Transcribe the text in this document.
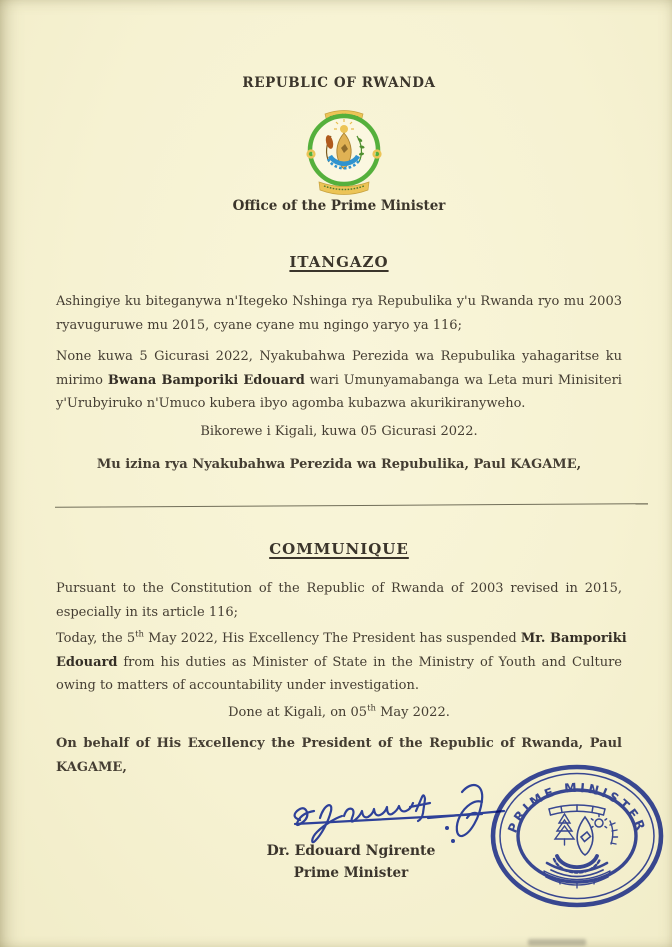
REPUBLIC OF RWANDA
Office of the Prime Minister
ITANGAZO
Ashingiye ku biteganywa n'Itegeko Nshinga rya Repubulika y'u Rwanda ryo mu 2003
ryavuguruwe mu 2015, cyane cyane mu ngingo yaryo ya 116;
None kuwa 5 Gicurasi 2022, Nyakubahwa Perezida wa Repubulika yahagaritse ku
mirimo Bwana Bamporiki Edouard wari Umunyamabanga wa Leta muri Minisiteri
y'Urubyiruko n'Umuco kubera ibyo agomba kubazwa akurikiranyweho.
Bikorewe i Kigali, kuwa 05 Gicurasi 2022.
Mu izina rya Nyakubahwa Perezida wa Repubulika, Paul KAGAME,
COMMUNIQUE
Pursuant to the Constitution of the Republic of Rwanda of 2003 revised in 2015,
especially in its article 116;
Today, the 5th May 2022, His Excellency The President has suspended Mr. Bamporiki
Edouard from his duties as Minister of State in the Ministry of Youth and Culture
owing to matters of accountability under investigation.
Done at Kigali, on 05th May 2022.
On behalf of His Excellency the President of the Republic of Rwanda, Paul
KAGAME,
Dr. Edouard Ngirente
Prime Minister
PRIME MINISTER
